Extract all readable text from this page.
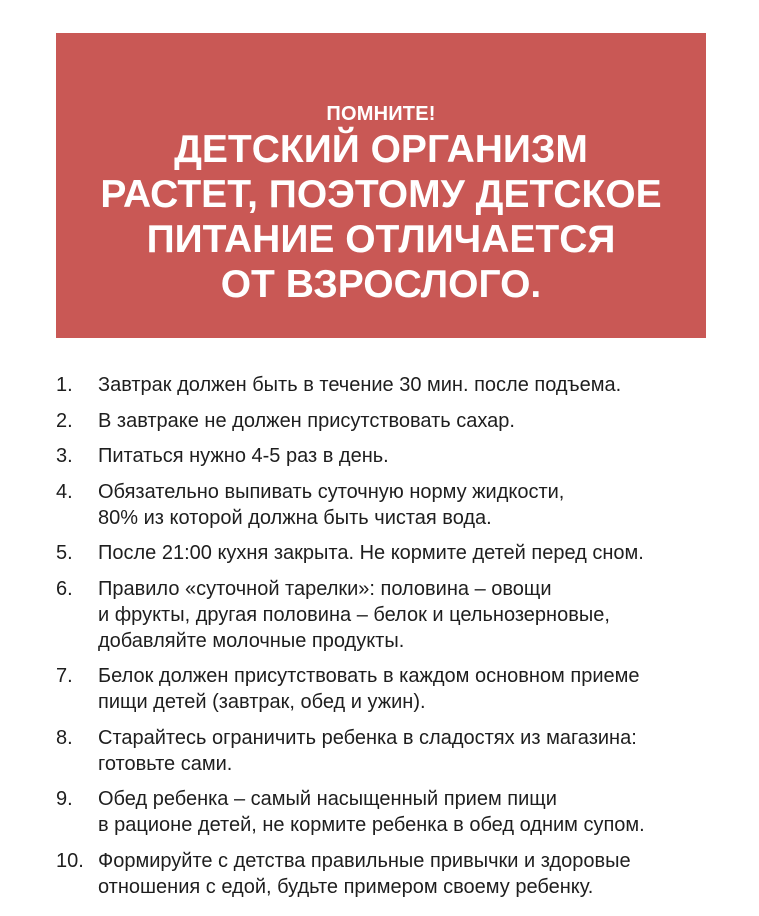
ПОМНИТЕ!
ДЕТСКИЙ ОРГАНИЗМ
РАСТЕТ, ПОЭТОМУ ДЕТСКОЕ
ПИТАНИЕ ОТЛИЧАЕТСЯ
ОТ ВЗРОСЛОГО.
1. Завтрак должен быть в течение 30 мин. после подъема.
2. В завтраке не должен присутствовать сахар.
3. Питаться нужно 4-5 раз в день.
4. Обязательно выпивать суточную норму жидкости,
80% из которой должна быть чистая вода.
5. После 21:00 кухня закрыта. Не кормите детей перед сном.
6. Правило «суточной тарелки»: половина – овощи
и фрукты, другая половина – белок и цельнозерновые,
добавляйте молочные продукты.
7. Белок должен присутствовать в каждом основном приеме
пищи детей (завтрак, обед и ужин).
8. Старайтесь ограничить ребенка в сладостях из магазина:
готовьте сами.
9. Обед ребенка – самый насыщенный прием пищи
в рационе детей, не кормите ребенка в обед одним супом.
10. Формируйте с детства правильные привычки и здоровые
отношения с едой, будьте примером своему ребенку.
